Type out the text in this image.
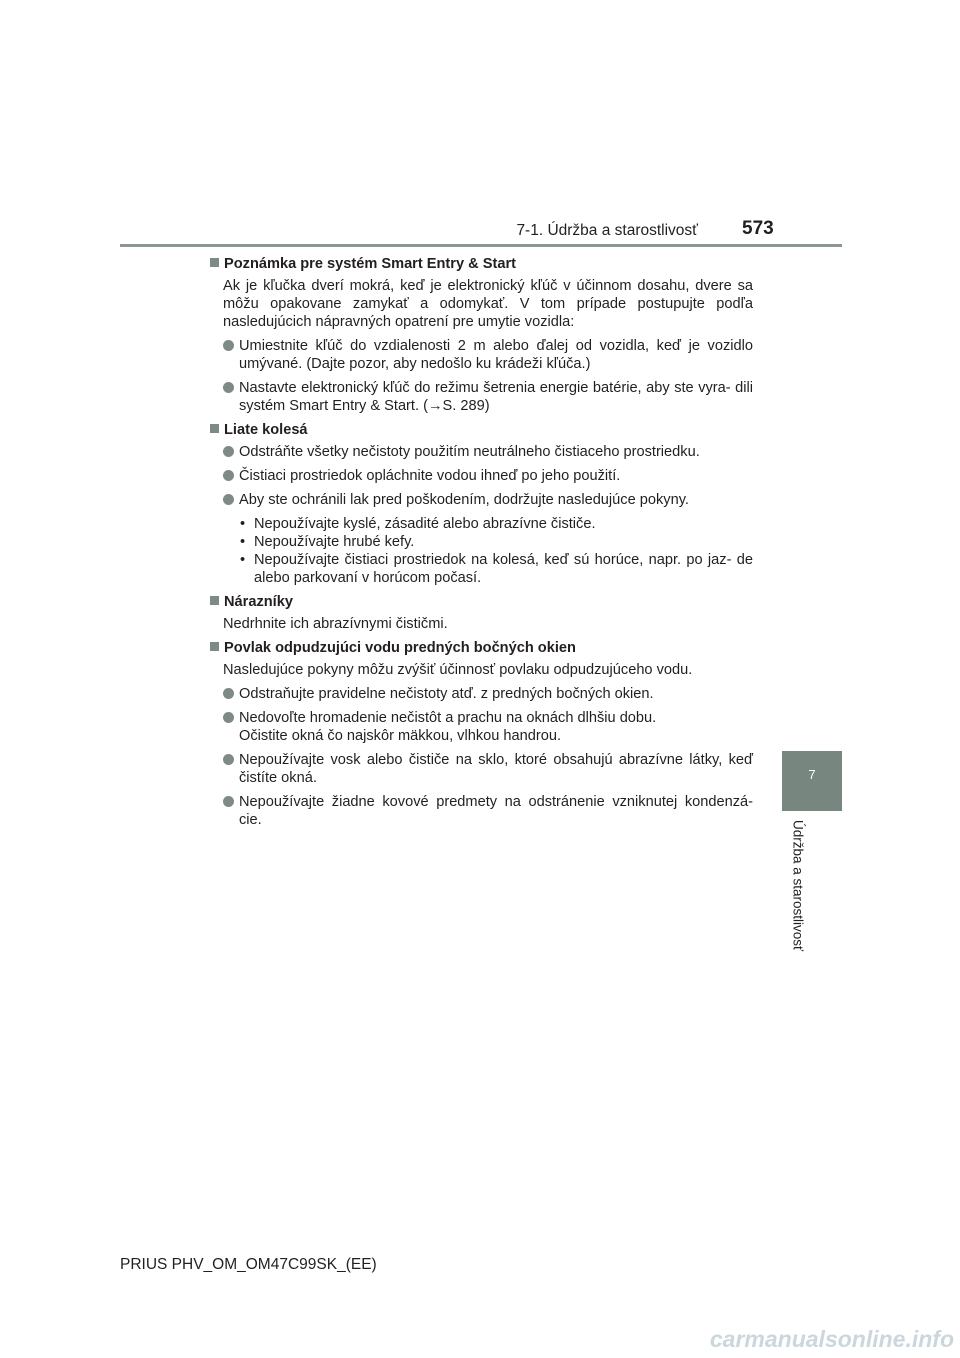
7-1. Údržba a starostlivosť 573
7
Údržba a starostlivosť
Poznámka pre systém Smart Entry & Start
Ak je kľučka dverí mokrá, keď je elektronický kľúč v účinnom dosahu, dvere sa môžu opakovane zamykať a odomykať. V tom prípade postupujte podľa nasledujúcich nápravných opatrení pre umytie vozidla:
Umiestnite kľúč do vzdialenosti 2 m alebo ďalej od vozidla, keď je vozidlo umývané. (Dajte pozor, aby nedošlo ku krádeži kľúča.)
Nastavte elektronický kľúč do režimu šetrenia energie batérie, aby ste vyra- dili systém Smart Entry & Start. (→S. 289)
Liate kolesá
Odstráňte všetky nečistoty použitím neutrálneho čistiaceho prostriedku.
Čistiaci prostriedok opláchnite vodou ihneď po jeho použití.
Aby ste ochránili lak pred poškodením, dodržujte nasledujúce pokyny.
• Nepoužívajte kyslé, zásadité alebo abrazívne čističe.
• Nepoužívajte hrubé kefy.
• Nepoužívajte čistiaci prostriedok na kolesá, keď sú horúce, napr. po jaz- de alebo parkovaní v horúcom počasí.
Nárazníky
Nedrhnite ich abrazívnymi čističmi.
Povlak odpudzujúci vodu predných bočných okien
Nasledujúce pokyny môžu zvýšiť účinnosť povlaku odpudzujúceho vodu.
Odstraňujte pravidelne nečistoty atď. z predných bočných okien.
Nedovoľte hromadenie nečistôt a prachu na oknách dlhšiu dobu.
Očistite okná čo najskôr mäkkou, vlhkou handrou.
Nepoužívajte vosk alebo čističe na sklo, ktoré obsahujú abrazívne látky, keď čistíte okná.
Nepoužívajte žiadne kovové predmety na odstránenie vzniknutej kondenzá- cie.
PRIUS PHV_OM_OM47C99SK_(EE)
carmanualsonline.info
